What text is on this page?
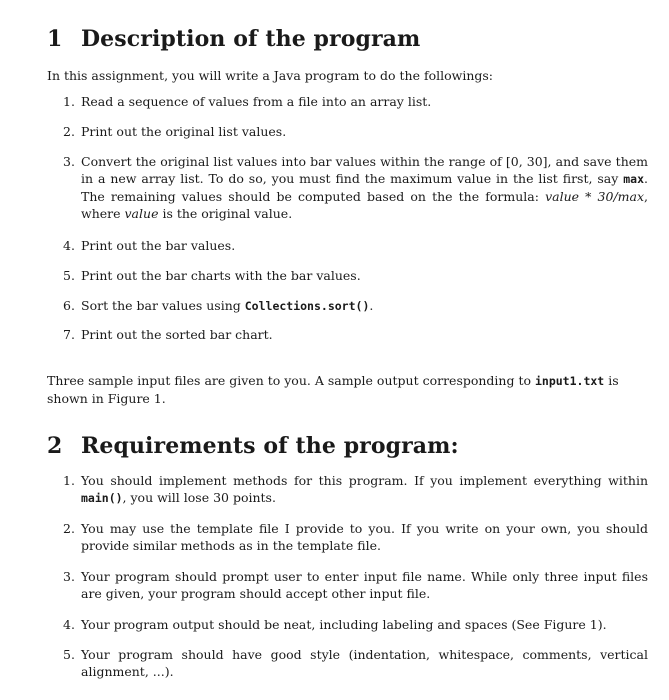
1 Description of the program
In this assignment, you will write a Java program to do the followings:
1. Read a sequence of values from a file into an array list.
2. Print out the original list values.
3. Convert the original list values into bar values within the range of [0, 30], and save them in a new array list. To do so, you must find the maximum value in the list first, say max. The remaining values should be computed based on the the formula: value * 30/max, where value is the original value.
4. Print out the bar values.
5. Print out the bar charts with the bar values.
6. Sort the bar values using Collections.sort().
7. Print out the sorted bar chart.
Three sample input files are given to you. A sample output corresponding to input1.txt is shown in Figure 1.
2 Requirements of the program:
1. You should implement methods for this program. If you implement everything within main(), you will lose 30 points.
2. You may use the template file I provide to you. If you write on your own, you should provide similar methods as in the template file.
3. Your program should prompt user to enter input file name. While only three input files are given, your program should accept other input file.
4. Your program output should be neat, including labeling and spaces (See Figure 1).
5. Your program should have good style (indentation, whitespace, comments, vertical alignment, ...).
